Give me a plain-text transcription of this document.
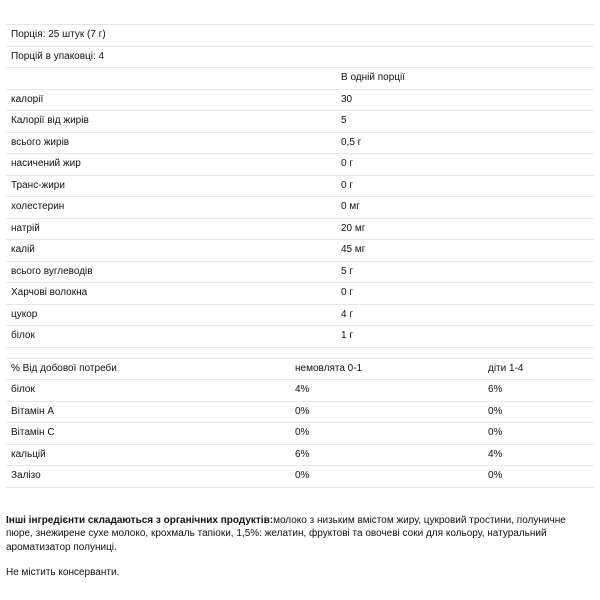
Порція: 25 штук (7 г)	
Порцій в упаковці: 4	
	В одній порції
калорії	30
Калорії від жирів	5
всього жирів	0,5 г
насичений жир	0 г
Транс-жири	0 г
холестерин	0 мг
натрій	20 мг
калій	45 мг
всього вуглеводів	5 г
Харчові волокна	0 г
цукор	4 г
білок	1 г
% Від добової потреби	немовлята 0-1	діти 1-4
білок	4%	6%
Вітамін A	0%	0%
Вітамін C	0%	0%
кальцій	6%	4%
Залізо	0%	0%
Інші інгредієнти складаються з органічних продуктів:молоко з низьким вмістом жиру, цукровий тростини, полуничне пюре, знежирене сухе молоко, крохмаль тапіоки, 1,5%: желатин, фруктові та овочеві соки для кольору, натуральний ароматизатор полуниці.
Не містить консерванти.
